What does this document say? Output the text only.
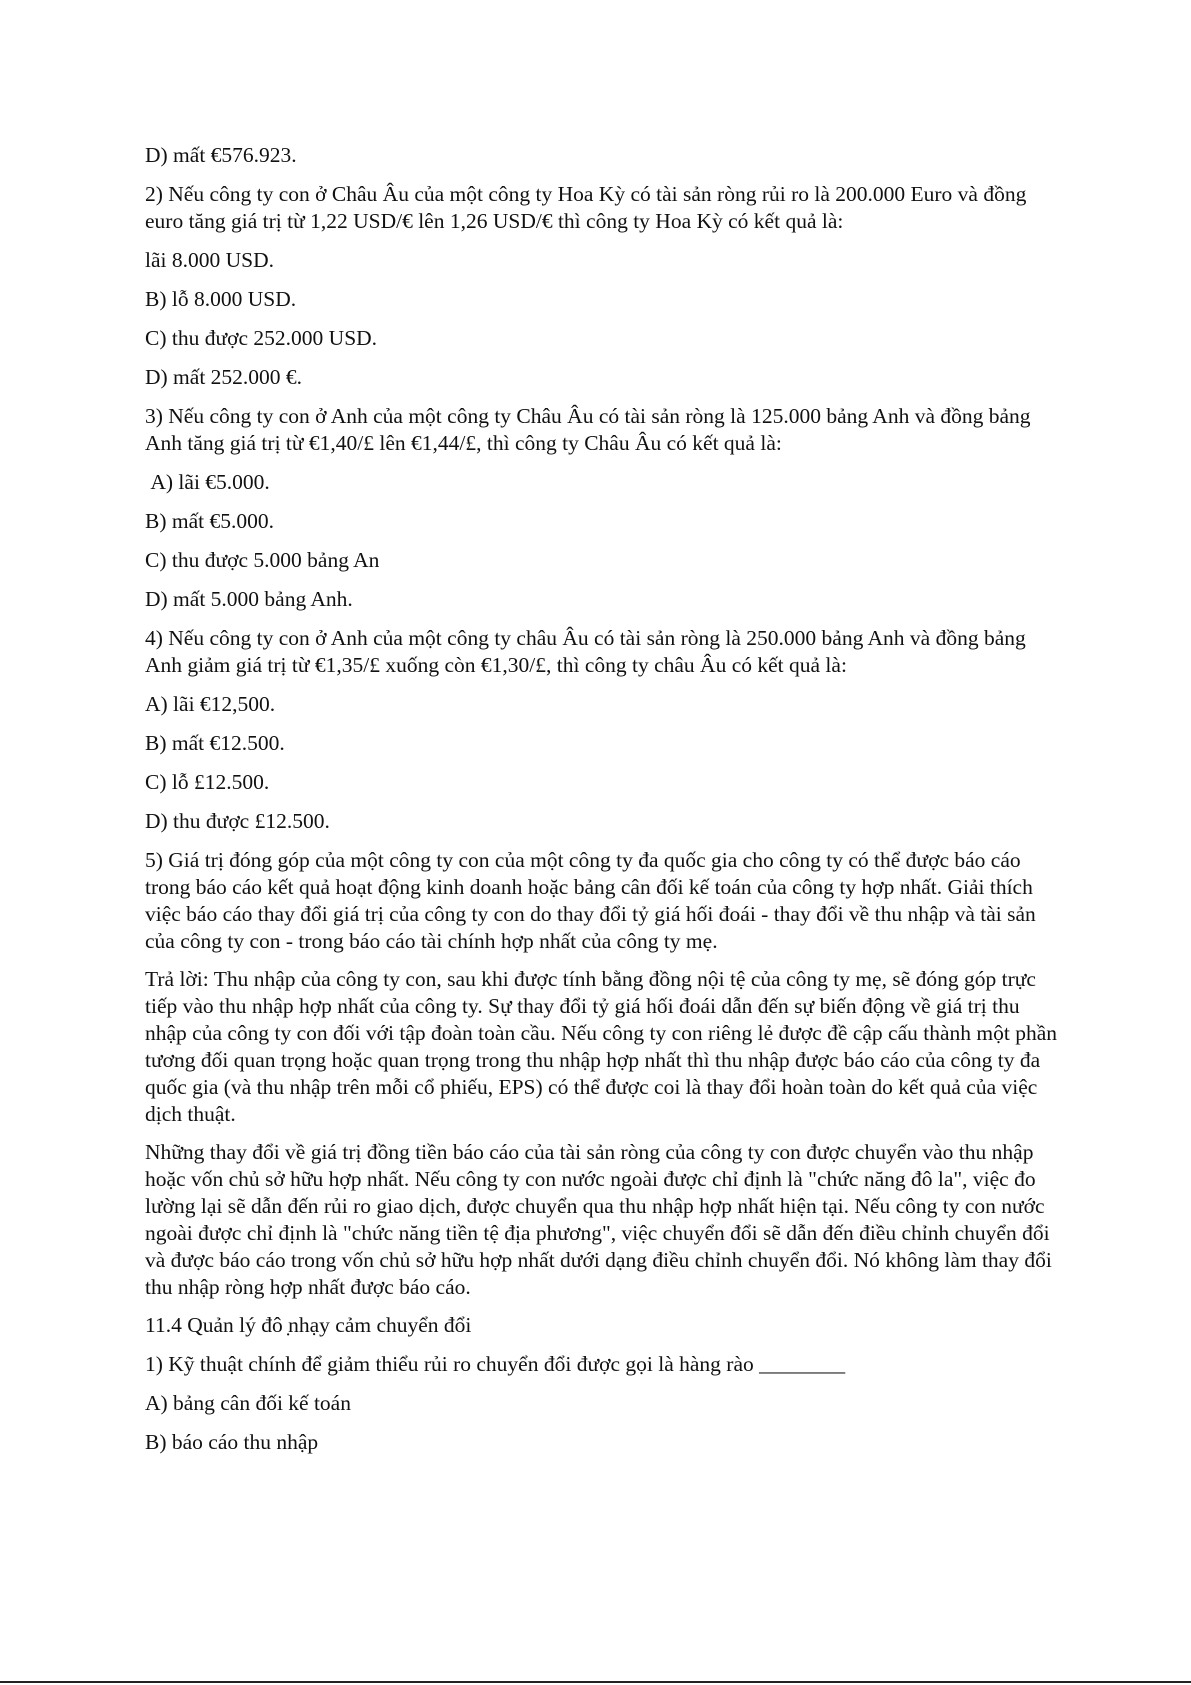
D) mất €576.923.

2) Nếu công ty con ở Châu Âu của một công ty Hoa Kỳ có tài sản ròng rủi ro là 200.000 Euro và đồng euro tăng giá trị từ 1,22 USD/€ lên 1,26 USD/€ thì công ty Hoa Kỳ có kết quả là:

lãi 8.000 USD.

B) lỗ 8.000 USD.

C) thu được 252.000 USD.

D) mất 252.000 €.

3) Nếu công ty con ở Anh của một công ty Châu Âu có tài sản ròng là 125.000 bảng Anh và đồng bảng Anh tăng giá trị từ €1,40/£ lên €1,44/£, thì công ty Châu Âu có kết quả là:

A) lãi €5.000.

B) mất €5.000.

C) thu được 5.000 bảng An

D) mất 5.000 bảng Anh.

4) Nếu công ty con ở Anh của một công ty châu Âu có tài sản ròng là 250.000 bảng Anh và đồng bảng Anh giảm giá trị từ €1,35/£ xuống còn €1,30/£, thì công ty châu Âu có kết quả là:

A) lãi €12,500.

B) mất €12.500.

C) lỗ £12.500.

D) thu được £12.500.

5) Giá trị đóng góp của một công ty con của một công ty đa quốc gia cho công ty có thể được báo cáo trong báo cáo kết quả hoạt động kinh doanh hoặc bảng cân đối kế toán của công ty hợp nhất. Giải thích việc báo cáo thay đổi giá trị của công ty con do thay đổi tỷ giá hối đoái - thay đổi về thu nhập và tài sản của công ty con - trong báo cáo tài chính hợp nhất của công ty mẹ.

Trả lời: Thu nhập của công ty con, sau khi được tính bằng đồng nội tệ của công ty mẹ, sẽ đóng góp trực tiếp vào thu nhập hợp nhất của công ty. Sự thay đổi tỷ giá hối đoái dẫn đến sự biến động về giá trị thu nhập của công ty con đối với tập đoàn toàn cầu. Nếu công ty con riêng lẻ được đề cập cấu thành một phần tương đối quan trọng hoặc quan trọng trong thu nhập hợp nhất thì thu nhập được báo cáo của công ty đa quốc gia (và thu nhập trên mỗi cổ phiếu, EPS) có thể được coi là thay đổi hoàn toàn do kết quả của việc dịch thuật.

Những thay đổi về giá trị đồng tiền báo cáo của tài sản ròng của công ty con được chuyển vào thu nhập hoặc vốn chủ sở hữu hợp nhất. Nếu công ty con nước ngoài được chỉ định là "chức năng đô la", việc đo lường lại sẽ dẫn đến rủi ro giao dịch, được chuyển qua thu nhập hợp nhất hiện tại. Nếu công ty con nước ngoài được chỉ định là "chức năng tiền tệ địa phương", việc chuyển đổi sẽ dẫn đến điều chỉnh chuyển đổi và được báo cáo trong vốn chủ sở hữu hợp nhất dưới dạng điều chỉnh chuyển đổi. Nó không làm thay đổi thu nhập ròng hợp nhất được báo cáo.

11.4 Quản lý đô ̣nhạy cảm chuyển đổi

1) Kỹ thuật chính để giảm thiểu rủi ro chuyển đổi được gọi là hàng rào ________

A) bảng cân đối kế toán

B) báo cáo thu nhập
